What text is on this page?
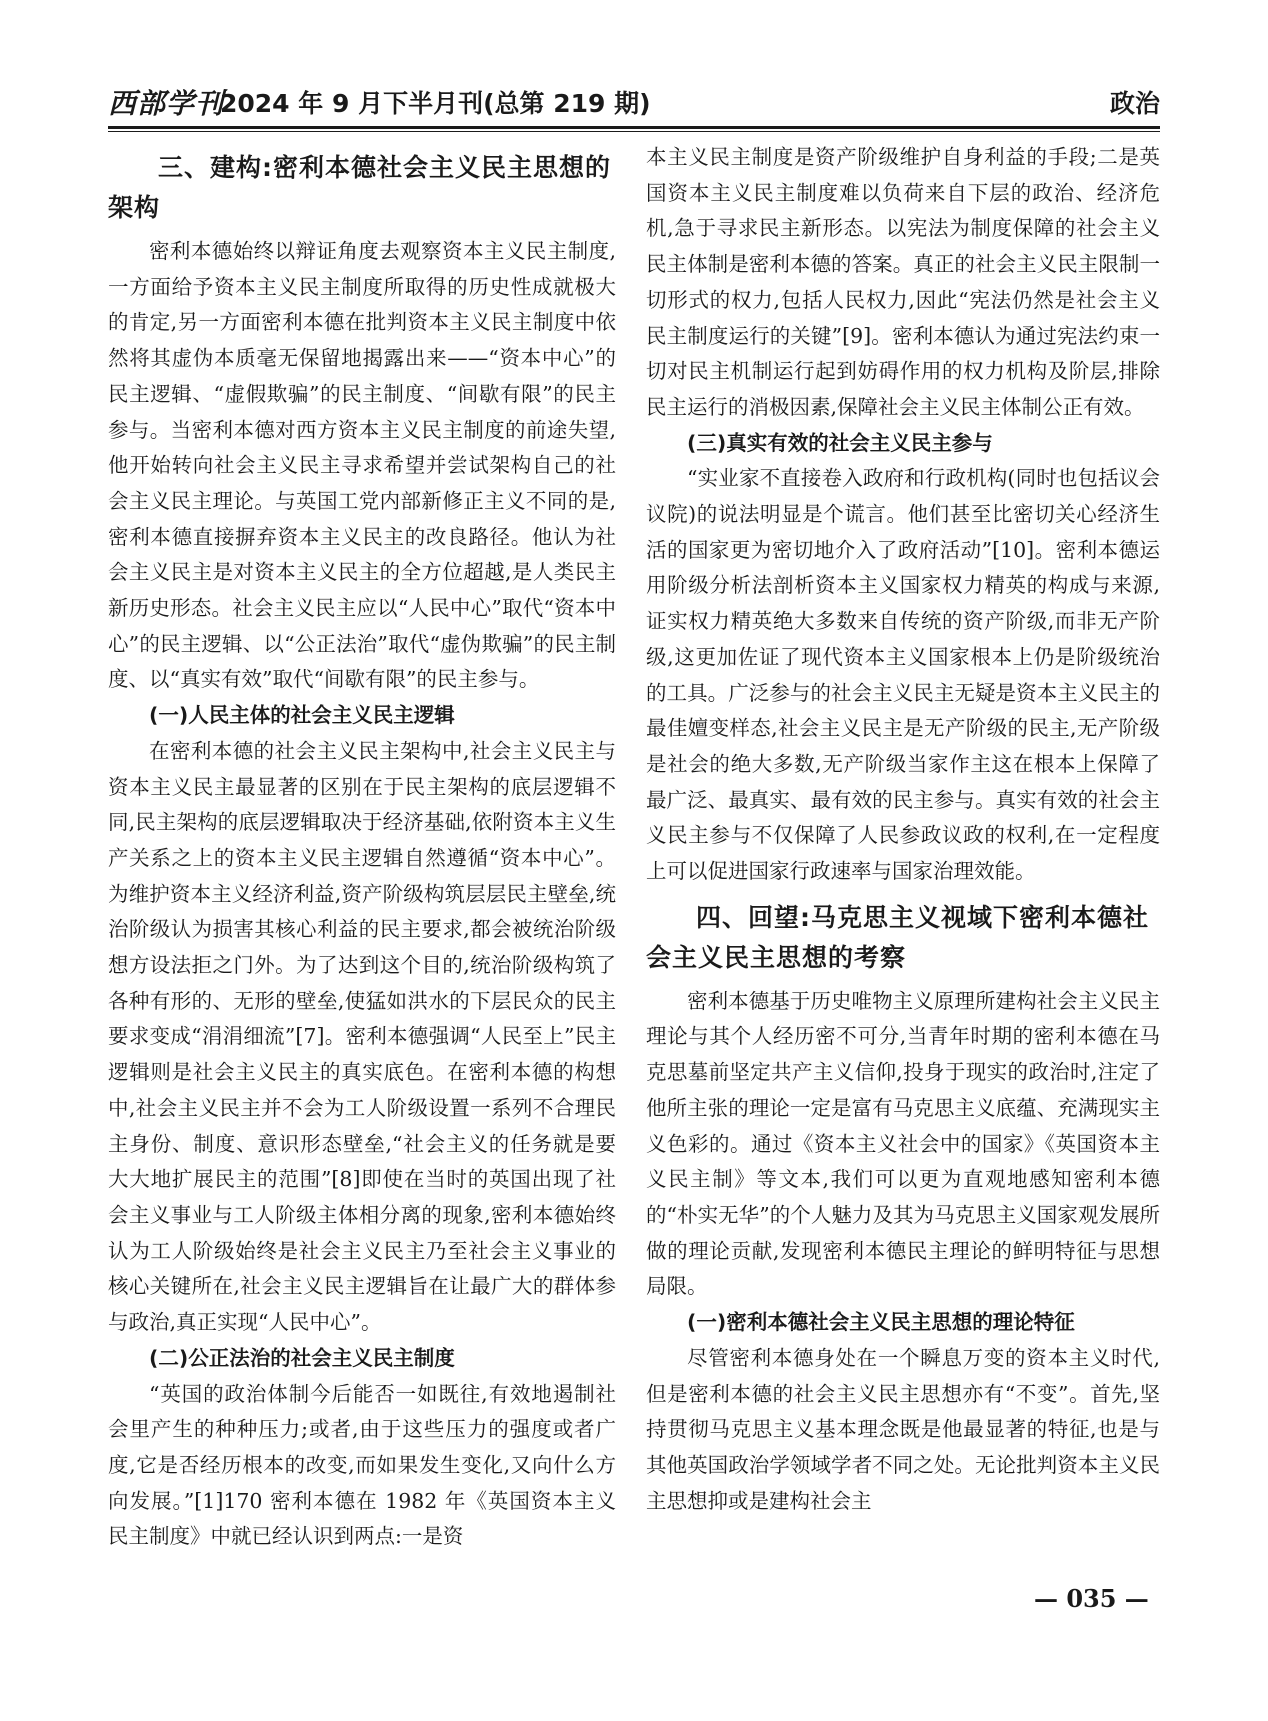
西部学刊
2024 年 9 月下半月刊(总第 219 期)	政治
三、建构:密利本德社会主义民主思想的架构

密利本德始终以辩证角度去观察资本主义民主制度,一方面给予资本主义民主制度所取得的历史性成就极大的肯定,另一方面密利本德在批判资本主义民主制度中依然将其虚伪本质毫无保留地揭露出来——“资本中心”的民主逻辑、“虚假欺骗”的民主制度、“间歇有限”的民主参与。当密利本德对西方资本主义民主制度的前途失望,他开始转向社会主义民主寻求希望并尝试架构自己的社会主义民主理论。与英国工党内部新修正主义不同的是,密利本德直接摒弃资本主义民主的改良路径。他认为社会主义民主是对资本主义民主的全方位超越,是人类民主新历史形态。社会主义民主应以“人民中心”取代“资本中心”的民主逻辑、以“公正法治”取代“虚伪欺骗”的民主制度、以“真实有效”取代“间歇有限”的民主参与。

(一)人民主体的社会主义民主逻辑

在密利本德的社会主义民主架构中,社会主义民主与资本主义民主最显著的区别在于民主架构的底层逻辑不同,民主架构的底层逻辑取决于经济基础,依附资本主义生产关系之上的资本主义民主逻辑自然遵循“资本中心”。为维护资本主义经济利益,资产阶级构筑层层民主壁垒,统治阶级认为损害其核心利益的民主要求,都会被统治阶级想方设法拒之门外。为了达到这个目的,统治阶级构筑了各种有形的、无形的壁垒,使猛如洪水的下层民众的民主要求变成“涓涓细流”[7]。密利本德强调“人民至上”民主逻辑则是社会主义民主的真实底色。在密利本德的构想中,社会主义民主并不会为工人阶级设置一系列不合理民主身份、制度、意识形态壁垒,“社会主义的任务就是要大大地扩展民主的范围”[8]即使在当时的英国出现了社会主义事业与工人阶级主体相分离的现象,密利本德始终认为工人阶级始终是社会主义民主乃至社会主义事业的核心关键所在,社会主义民主逻辑旨在让最广大的群体参与政治,真正实现“人民中心”。

(二)公正法治的社会主义民主制度

“英国的政治体制今后能否一如既往,有效地遏制社会里产生的种种压力;或者,由于这些压力的强度或者广度,它是否经历根本的改变,而如果发生变化,又向什么方向发展。”[1]170 密利本德在 1982 年《英国资本主义民主制度》中就已经认识到两点:一是资

本主义民主制度是资产阶级维护自身利益的手段;二是英国资本主义民主制度难以负荷来自下层的政治、经济危机,急于寻求民主新形态。以宪法为制度保障的社会主义民主体制是密利本德的答案。真正的社会主义民主限制一切形式的权力,包括人民权力,因此“宪法仍然是社会主义民主制度运行的关键”[9]。密利本德认为通过宪法约束一切对民主机制运行起到妨碍作用的权力机构及阶层,排除民主运行的消极因素,保障社会主义民主体制公正有效。

(三)真实有效的社会主义民主参与

“实业家不直接卷入政府和行政机构(同时也包括议会议院)的说法明显是个谎言。他们甚至比密切关心经济生活的国家更为密切地介入了政府活动”[10]。密利本德运用阶级分析法剖析资本主义国家权力精英的构成与来源,证实权力精英绝大多数来自传统的资产阶级,而非无产阶级,这更加佐证了现代资本主义国家根本上仍是阶级统治的工具。广泛参与的社会主义民主无疑是资本主义民主的最佳嬗变样态,社会主义民主是无产阶级的民主,无产阶级是社会的绝大多数,无产阶级当家作主这在根本上保障了最广泛、最真实、最有效的民主参与。真实有效的社会主义民主参与不仅保障了人民参政议政的权利,在一定程度上可以促进国家行政速率与国家治理效能。

四、回望:马克思主义视域下密利本德社会主义民主思想的考察

密利本德基于历史唯物主义原理所建构社会主义民主理论与其个人经历密不可分,当青年时期的密利本德在马克思墓前坚定共产主义信仰,投身于现实的政治时,注定了他所主张的理论一定是富有马克思主义底蕴、充满现实主义色彩的。通过《资本主义社会中的国家》《英国资本主义民主制》等文本,我们可以更为直观地感知密利本德的“朴实无华”的个人魅力及其为马克思主义国家观发展所做的理论贡献,发现密利本德民主理论的鲜明特征与思想局限。

(一)密利本德社会主义民主思想的理论特征

尽管密利本德身处在一个瞬息万变的资本主义时代,但是密利本德的社会主义民主思想亦有“不变”。首先,坚持贯彻马克思主义基本理念既是他最显著的特征,也是与其他英国政治学领域学者不同之处。无论批判资本主义民主思想抑或是建构社会主

— 035 —
